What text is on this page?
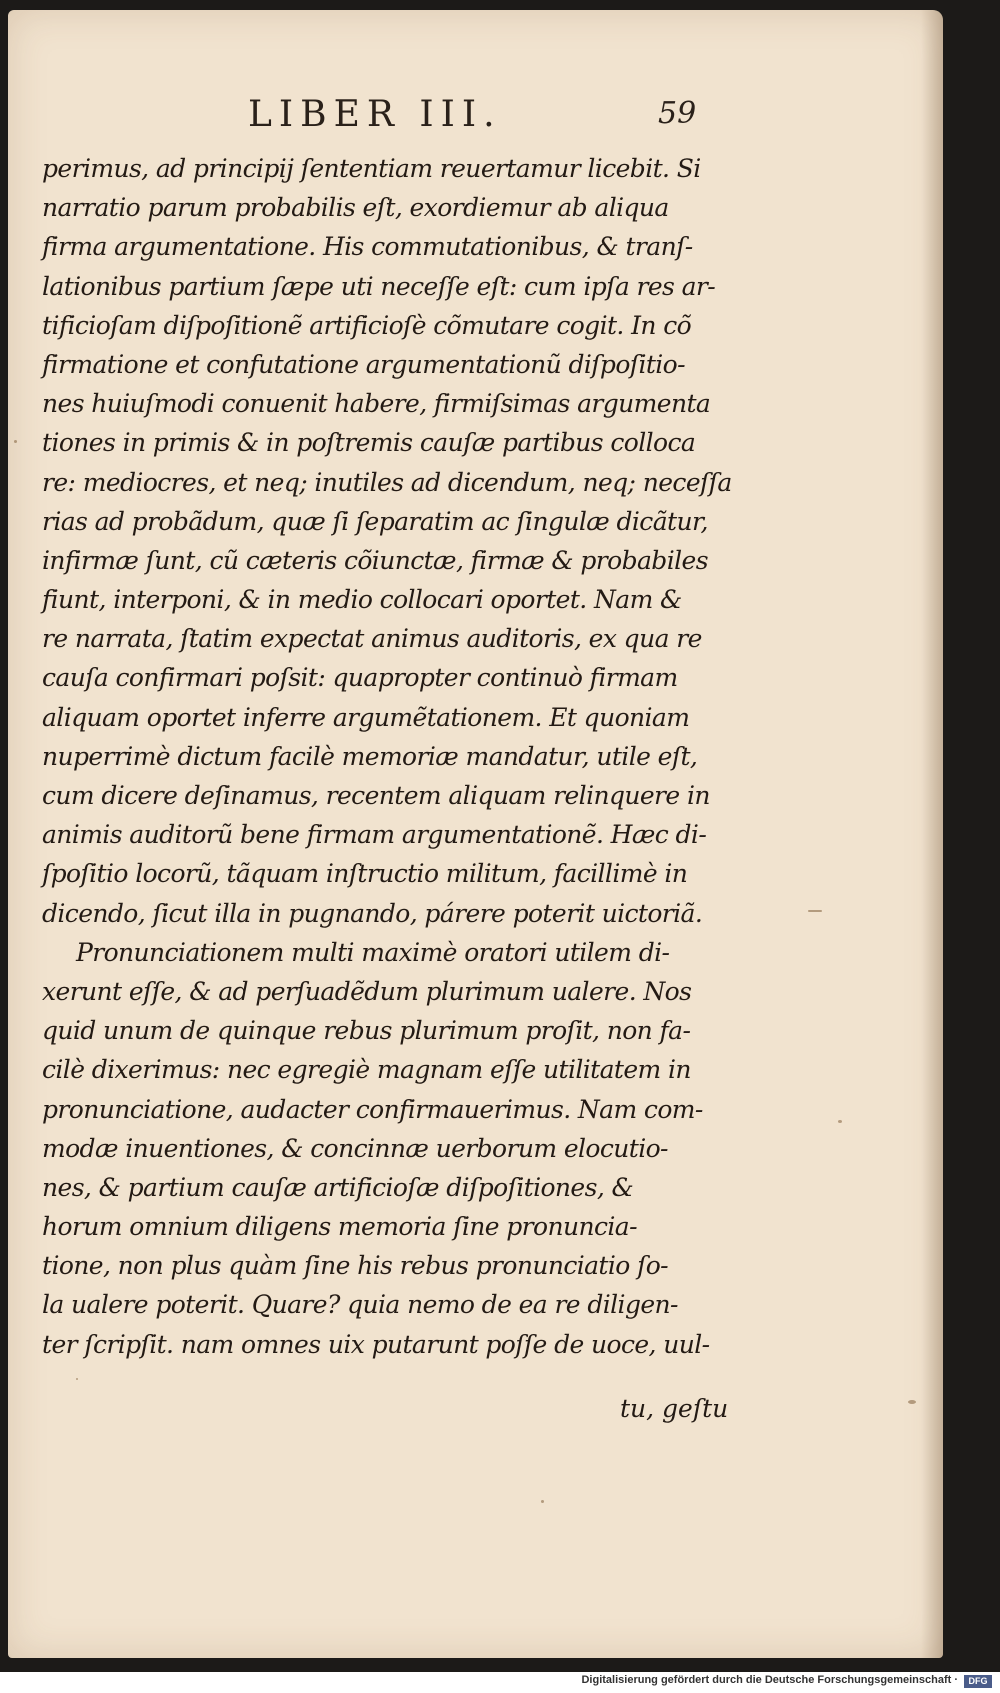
LIBER III.	59
perimus, ad principij ſententiam reuertamur licebit. Si
narratio parum probabilis eſt, exordiemur ab aliqua
firma argumentatione. His commutationibus, & tranſ-
lationibus partium ſæpe uti neceſſe eſt: cum ipſa res ar-
tificioſam diſpoſitionẽ artificioſè cõmutare cogit. In cõ
firmatione et confutatione argumentationũ diſpoſitio-
nes huiuſmodi conuenit habere, firmiſsimas argumenta
tiones in primis & in poſtremis cauſæ partibus colloca
re: mediocres, et neq; inutiles ad dicendum, neq; neceſſa
rias ad probãdum, quæ ſi ſeparatim ac ſingulæ dicãtur,
infirmæ ſunt, cũ cæteris cõiunctæ, firmæ & probabiles
fiunt, interponi, & in medio collocari oportet. Nam &
re narrata, ſtatim expectat animus auditoris, ex qua re
cauſa confirmari poſsit: quapropter continuò firmam
aliquam oportet inferre argumẽtationem. Et quoniam
nuperrimè dictum facilè memoriæ mandatur, utile eſt,
cum dicere deſinamus, recentem aliquam relinquere in
animis auditorũ bene firmam argumentationẽ. Hæc di-
ſpoſitio locorũ, tãquam inſtructio militum, facillimè in
dicendo, ſicut illa in pugnando, párere poterit uictoriã.
Pronunciationem multi maximè oratori utilem di-
xerunt eſſe, & ad perſuadẽdum plurimum ualere. Nos
quid unum de quinque rebus plurimum proſit, non fa-
cilè dixerimus: nec egregiè magnam eſſe utilitatem in
pronunciatione, audacter confirmauerimus. Nam com-
modæ inuentiones, & concinnæ uerborum elocutio-
nes, & partium cauſæ artificioſæ diſpoſitiones, &
horum omnium diligens memoria ſine pronuncia-
tione, non plus quàm ſine his rebus pronunciatio ſo-
la ualere poterit. Quare? quia nemo de ea re diligen-
ter ſcripſit. nam omnes uix putarunt poſſe de uoce, uul-
tu, geſtu
Digitalisierung gefördert durch die Deutsche Forschungsgemeinschaft ·	DFG
